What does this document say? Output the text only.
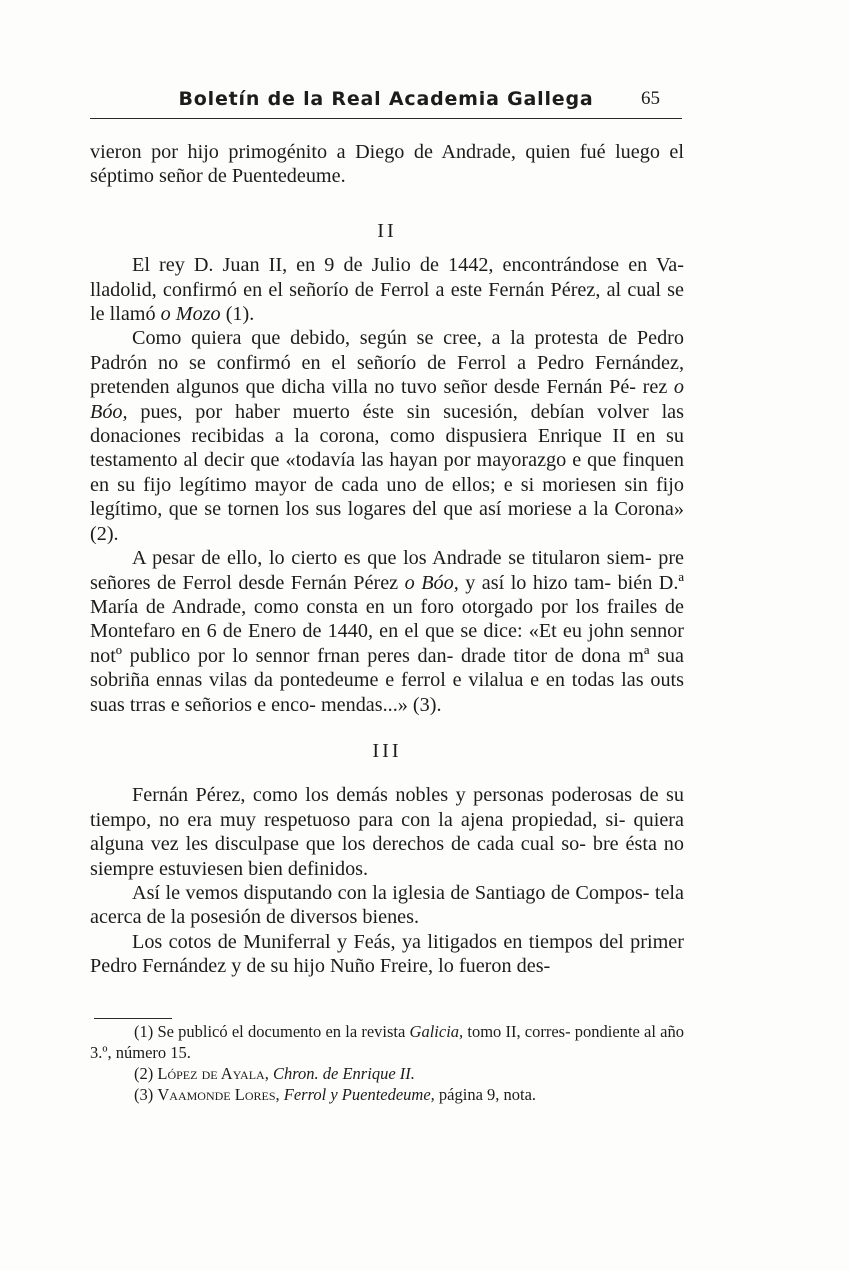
Boletín de la Real Academia Gallega	65

vieron por hijo primogénito a Diego de Andrade, quien fué luego el séptimo señor de Puentedeume.

II

El rey D. Juan II, en 9 de Julio de 1442, encontrándose en Va- lladolid, confirmó en el señorío de Ferrol a este Fernán Pérez, al cual se le llamó o Mozo (1).

Como quiera que debido, según se cree, a la protesta de Pedro Padrón no se confirmó en el señorío de Ferrol a Pedro Fernández, pretenden algunos que dicha villa no tuvo señor desde Fernán Pé- rez o Bóo, pues, por haber muerto éste sin sucesión, debían volver las donaciones recibidas a la corona, como dispusiera Enrique II en su testamento al decir que «todavía las hayan por mayorazgo e que finquen en su fijo legítimo mayor de cada uno de ellos; e si moriesen sin fijo legítimo, que se tornen los sus logares del que así moriese a la Corona» (2).

A pesar de ello, lo cierto es que los Andrade se titularon siem- pre señores de Ferrol desde Fernán Pérez o Bóo, y así lo hizo tam- bién D.ª María de Andrade, como consta en un foro otorgado por los frailes de Montefaro en 6 de Enero de 1440, en el que se dice: «Et eu john sennor notº publico por lo sennor frnan peres dan- drade titor de dona mª sua sobriña ennas vilas da pontedeume e ferrol e vilalua e en todas las outs suas trras e señorios e enco- mendas...» (3).

III

Fernán Pérez, como los demás nobles y personas poderosas de su tiempo, no era muy respetuoso para con la ajena propiedad, si- quiera alguna vez les disculpase que los derechos de cada cual so- bre ésta no siempre estuviesen bien definidos.

Así le vemos disputando con la iglesia de Santiago de Compos- tela acerca de la posesión de diversos bienes.

Los cotos de Muniferral y Feás, ya litigados en tiempos del primer Pedro Fernández y de su hijo Nuño Freire, lo fueron des-

(1) Se publicó el documento en la revista Galicia, tomo II, corres- pondiente al año 3.º, número 15.

(2) López de Ayala, Chron. de Enrique II.

(3) Vaamonde Lores, Ferrol y Puentedeume, página 9, nota.
